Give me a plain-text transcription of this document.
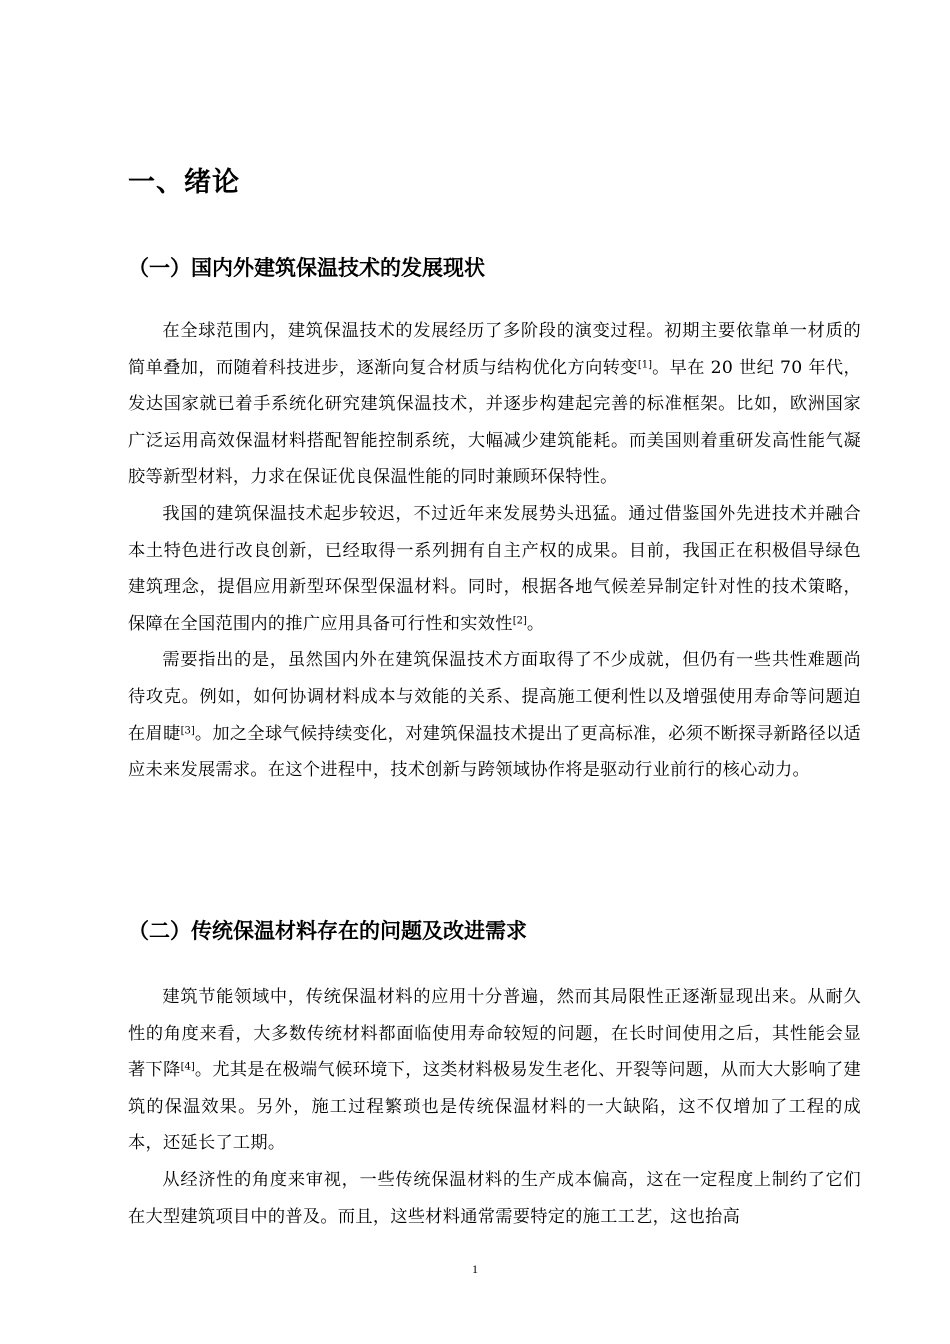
一、绪论
（一）国内外建筑保温技术的发展现状

在全球范围内，建筑保温技术的发展经历了多阶段的演变过程。初期主要依靠单一材质的简单叠加，而随着科技进步，逐渐向复合材质与结构优化方向转变[1]。早在 20 世纪 70 年代，发达国家就已着手系统化研究建筑保温技术，并逐步构建起完善的标准框架。比如，欧洲国家广泛运用高效保温材料搭配智能控制系统，大幅减少建筑能耗。而美国则着重研发高性能气凝胶等新型材料，力求在保证优良保温性能的同时兼顾环保特性。

我国的建筑保温技术起步较迟，不过近年来发展势头迅猛。通过借鉴国外先进技术并融合本土特色进行改良创新，已经取得一系列拥有自主产权的成果。目前，我国正在积极倡导绿色建筑理念，提倡应用新型环保型保温材料。同时，根据各地气候差异制定针对性的技术策略，保障在全国范围内的推广应用具备可行性和实效性[2]。

需要指出的是，虽然国内外在建筑保温技术方面取得了不少成就，但仍有一些共性难题尚待攻克。例如，如何协调材料成本与效能的关系、提高施工便利性以及增强使用寿命等问题迫在眉睫[3]。加之全球气候持续变化，对建筑保温技术提出了更高标准，必须不断探寻新路径以适应未来发展需求。在这个进程中，技术创新与跨领域协作将是驱动行业前行的核心动力。

（二）传统保温材料存在的问题及改进需求

建筑节能领域中，传统保温材料的应用十分普遍，然而其局限性正逐渐显现出来。从耐久性的角度来看，大多数传统材料都面临使用寿命较短的问题，在长时间使用之后，其性能会显著下降[4]。尤其是在极端气候环境下，这类材料极易发生老化、开裂等问题，从而大大影响了建筑的保温效果。另外，施工过程繁琐也是传统保温材料的一大缺陷，这不仅增加了工程的成本，还延长了工期。

从经济性的角度来审视，一些传统保温材料的生产成本偏高，这在一定程度上制约了它们在大型建筑项目中的普及。而且，这些材料通常需要特定的施工工艺，这也抬高

1
